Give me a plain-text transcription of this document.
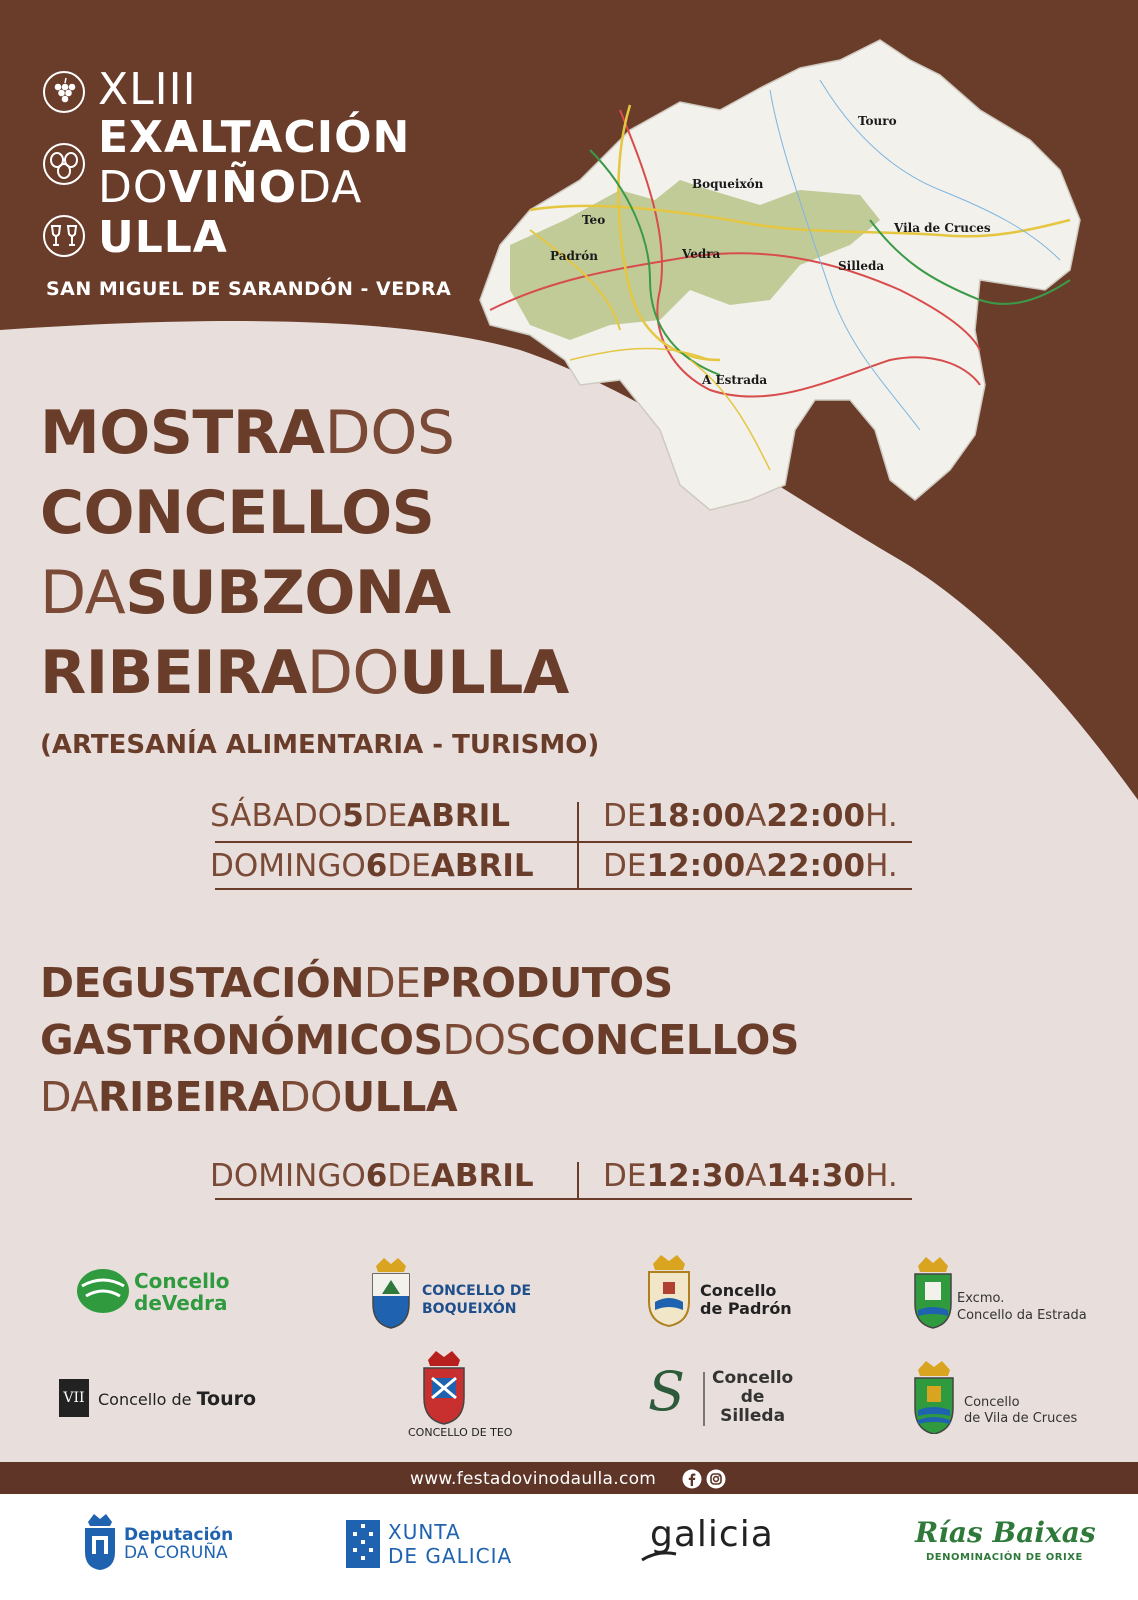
Touro
Boqueixón
Teo
Padrón	Vedra
Vila de Cruces
Silleda
A Estrada
XLIII
EXALTACIÓN
DOVIÑODA
ULLA
SAN MIGUEL DE SARANDÓN - VEDRA
MOSTRADOS
CONCELLOS
DASUBZONA
RIBEIRADOULLA
(ARTESANÍA ALIMENTARIA - TURISMO)
SÁBADO5DEABRIL	DE18:00A22:00H.
DOMINGO6DEABRIL DE12:00A22:00H.
DEGUSTACIÓNDEPRODUTOS
GASTRONÓMICOSDOSCONCELLOS
DARIBEIRADOULLA
DOMINGO6DEABRIL DE12:30A14:30H.
Concello
deVedra	CONCELLO DE
BOQUEIXÓN
Concello
de Padrón
Excmo.
Concello da Estrada
VII Concello de Touro
CONCELLO DE TEO
S Concello
de
Silleda
Concello
de Vila de Cruces
www.festadovinodaulla.com
Deputación
DA CORUÑA
XUNTA
DE GALICIA
galicia	Rías Baixas
DENOMINACIÓN DE ORIXE
